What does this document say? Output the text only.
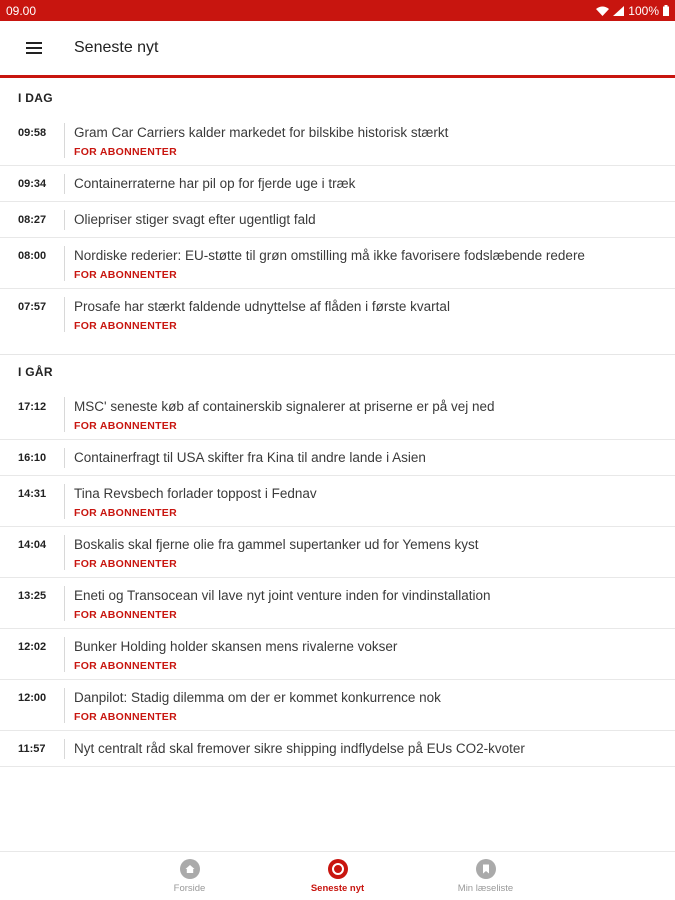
09.00	100%
Seneste nyt
I DAG
09:58	Gram Car Carriers kalder markedet for bilskibe historisk stærkt
FOR ABONNENTER
09:34	Containerraterne har pil op for fjerde uge i træk
08:27	Oliepriser stiger svagt efter ugentligt fald
08:00	Nordiske rederier: EU-støtte til grøn omstilling må ikke favorisere fodslæbende redere
FOR ABONNENTER
07:57	Prosafe har stærkt faldende udnyttelse af flåden i første kvartal
FOR ABONNENTER
I GÅR
17:12	MSC' seneste køb af containerskib signalerer at priserne er på vej ned
FOR ABONNENTER
16:10	Containerfragt til USA skifter fra Kina til andre lande i Asien
14:31	Tina Revsbech forlader toppost i Fednav
FOR ABONNENTER
14:04	Boskalis skal fjerne olie fra gammel supertanker ud for Yemens kyst
FOR ABONNENTER
13:25	Eneti og Transocean vil lave nyt joint venture inden for vindinstallation
FOR ABONNENTER
12:02	Bunker Holding holder skansen mens rivalerne vokser
FOR ABONNENTER
12:00	Danpilot: Stadig dilemma om der er kommet konkurrence nok
FOR ABONNENTER
11:57	Nyt centralt råd skal fremover sikre shipping indflydelse på EUs CO2-kvoter
Forside	Seneste nyt	Min læseliste
